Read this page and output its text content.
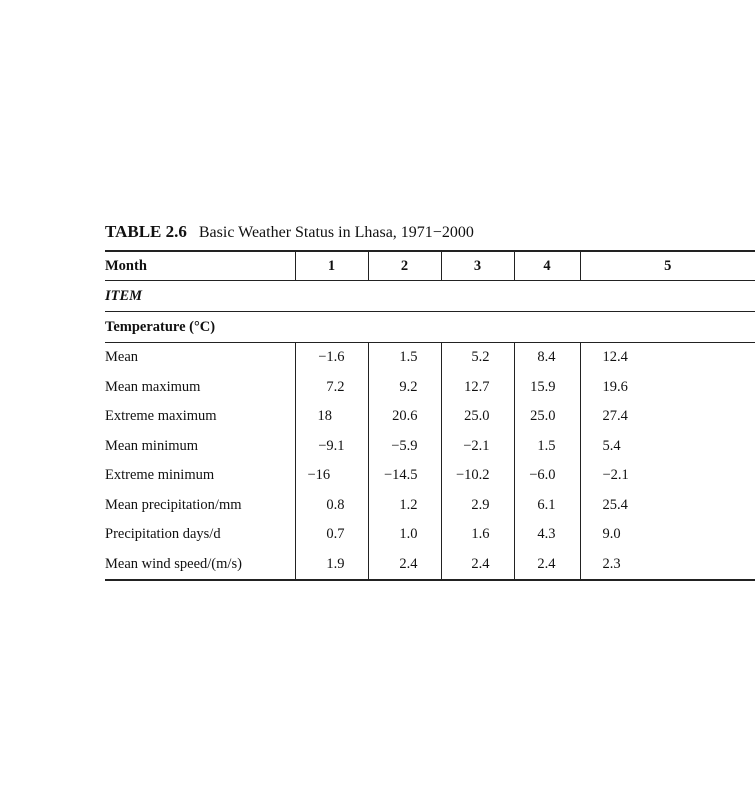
TABLE 2.6 Basic Weather Status in Lhasa, 1971−2000
Month	1	2	3	4	5
ITEM					
Temperature (°C)					
Mean	−1.6	1.5	5.2	8.4	12.4
Mean maximum	7.2	9.2	12.7	15.9	19.6
Extreme maximum	18	20.6	25.0	25.0	27.4
Mean minimum	−9.1	−5.9	−2.1	1.5	5.4
Extreme minimum	−16	−14.5	−10.2	−6.0	−2.1
Mean precipitation/mm	0.8	1.2	2.9	6.1	25.4
Precipitation days/d	0.7	1.0	1.6	4.3	9.0
Mean wind speed/(m/s)	1.9	2.4	2.4	2.4	2.3
